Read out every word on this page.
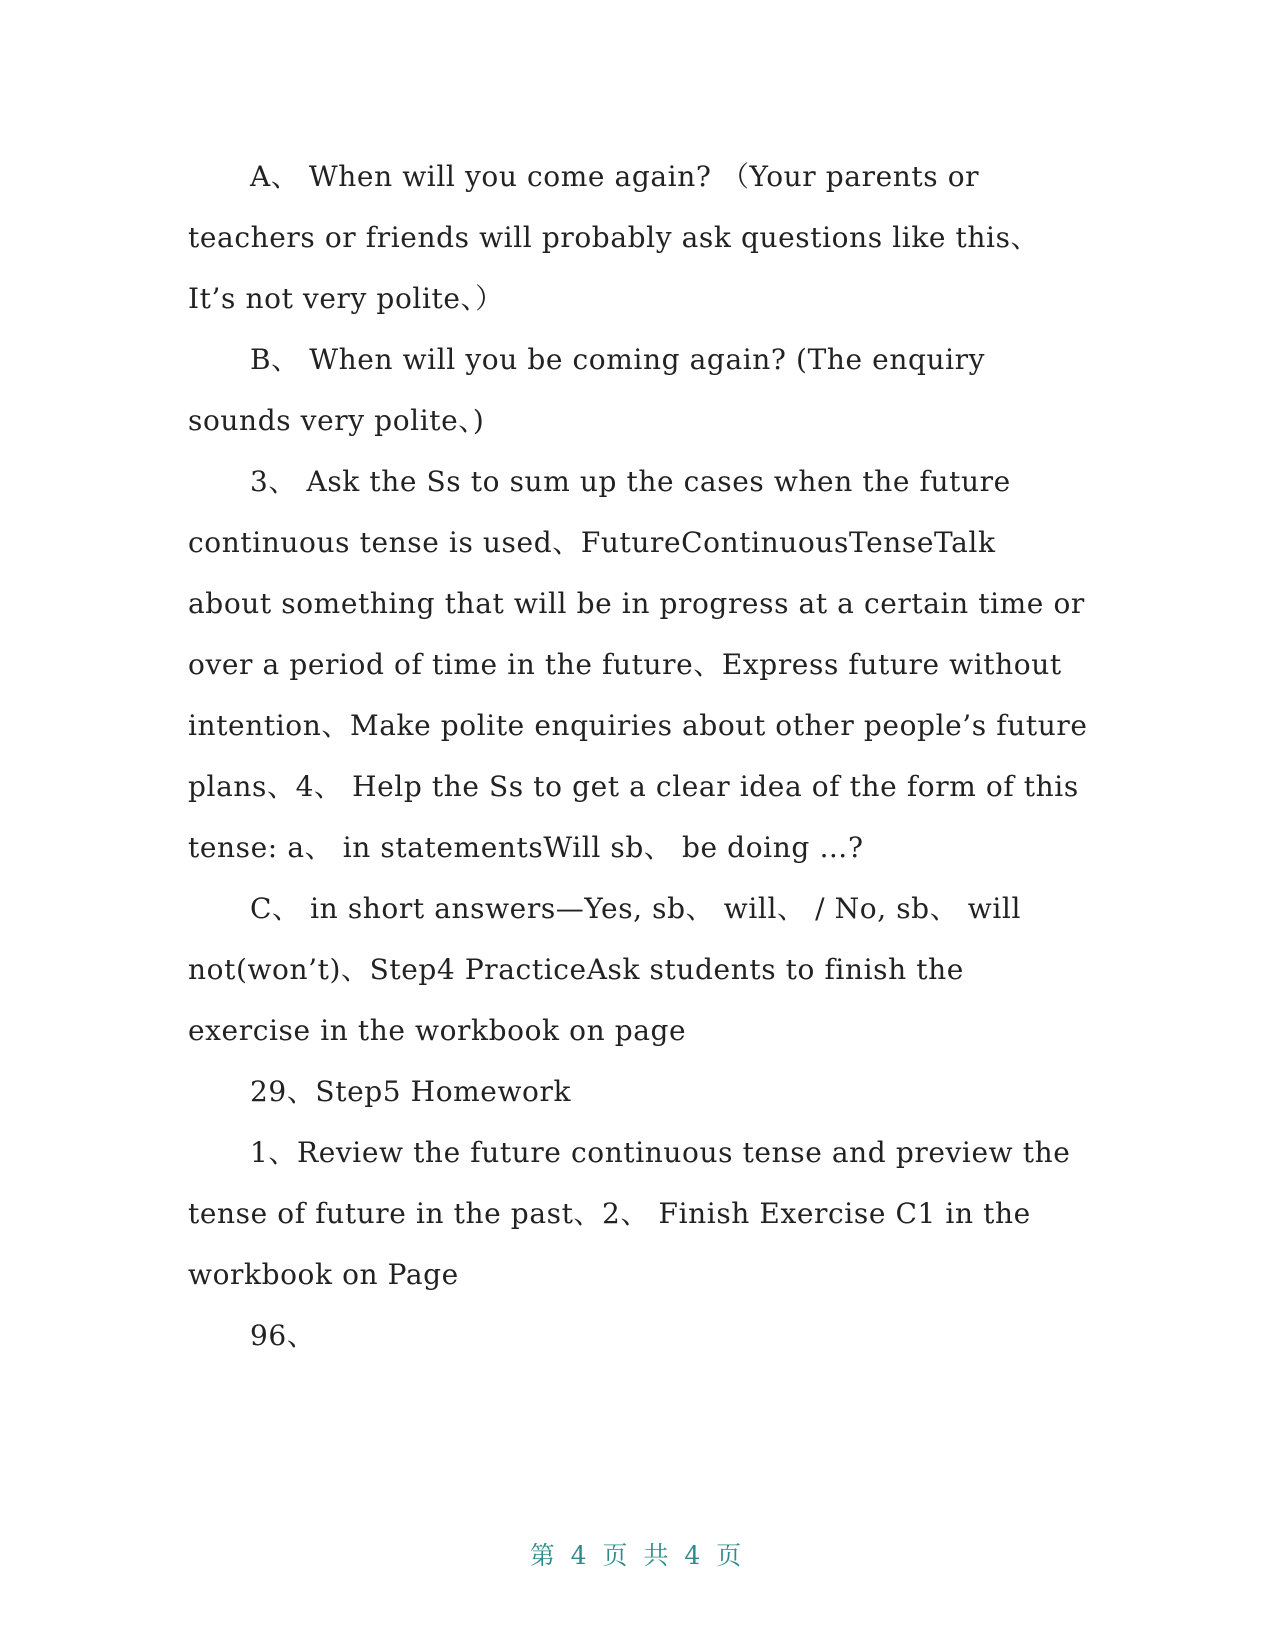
A、 When will you come again? （Your parents or teachers or friends will probably ask questions like this、 It’s not very polite、）

B、 When will you be coming again? (The enquiry sounds very polite、)

3、 Ask the Ss to sum up the cases when the future continuous tense is used、FutureContinuousTenseTalk about something that will be in progress at a certain time or over a period of time in the future、Express future without intention、Make polite enquiries about other people’s future plans、4、 Help the Ss to get a clear idea of the form of this tense: a、 in statementsWill sb、 be doing …?

C、 in short answers—Yes, sb、 will、 / No, sb、 will not(won’t)、Step4 PracticeAsk students to finish the exercise in the workbook on page

29、Step5 Homework

1、Review the future continuous tense and preview the tense of future in the past、2、 Finish Exercise C1 in the workbook on Page

96、

第 4 页 共 4 页
